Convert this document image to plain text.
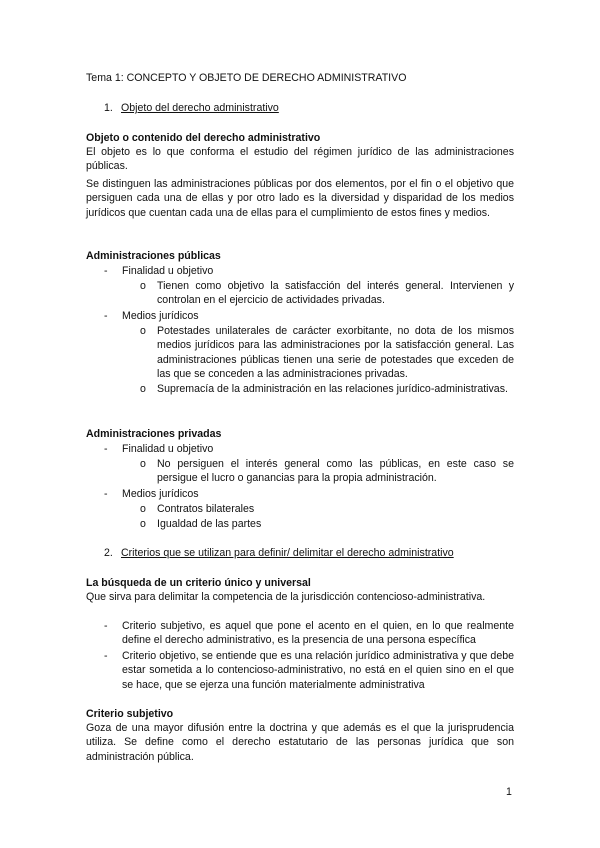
Tema 1: CONCEPTO Y OBJETO DE DERECHO ADMINISTRATIVO
1. Objeto del derecho administrativo
Objeto o contenido del derecho administrativo
El objeto es lo que conforma el estudio del régimen jurídico de las administraciones públicas.
Se distinguen las administraciones públicas por dos elementos, por el fin o el objetivo que persiguen cada una de ellas y por otro lado es la diversidad y disparidad de los medios jurídicos que cuentan cada una de ellas para el cumplimiento de estos fines y medios.
Administraciones públicas
- Finalidad u objetivo
o Tienen como objetivo la satisfacción del interés general. Intervienen y controlan en el ejercicio de actividades privadas.
- Medios jurídicos
o Potestades unilaterales de carácter exorbitante, no dota de los mismos medios jurídicos para las administraciones por la satisfacción general. Las administraciones públicas tienen una serie de potestades que exceden de las que se conceden a las administraciones privadas.
o Supremacía de la administración en las relaciones jurídico-administrativas.
Administraciones privadas
- Finalidad u objetivo
o No persiguen el interés general como las públicas, en este caso se persigue el lucro o ganancias para la propia administración.
- Medios jurídicos
o Contratos bilaterales
o Igualdad de las partes
2. Criterios que se utilizan para definir/ delimitar el derecho administrativo
La búsqueda de un criterio único y universal
Que sirva para delimitar la competencia de la jurisdicción contencioso-administrativa.
- Criterio subjetivo, es aquel que pone el acento en el quien, en lo que realmente define el derecho administrativo, es la presencia de una persona específica
- Criterio objetivo, se entiende que es una relación jurídico administrativa y que debe estar sometida a lo contencioso-administrativo, no está en el quien sino en el que se hace, que se ejerza una función materialmente administrativa
Criterio subjetivo
Goza de una mayor difusión entre la doctrina y que además es el que la jurisprudencia utiliza. Se define como el derecho estatutario de las personas jurídica que son administración pública.
1
